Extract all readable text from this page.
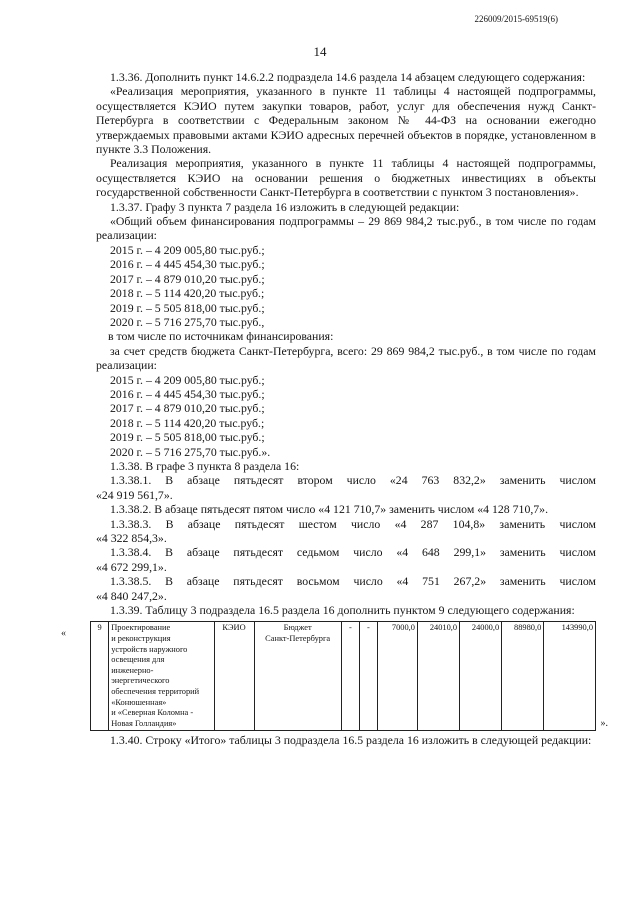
226009/2015-69519(6)
14

1.3.36. Дополнить пункт 14.6.2.2 подраздела 14.6 раздела 14 абзацем следующего содержания:

«Реализация мероприятия, указанного в пункте 11 таблицы 4 настоящей подпрограммы, осуществляется КЭИО путем закупки товаров, работ, услуг для обеспечения нужд Санкт-Петербурга в соответствии с Федеральным законом № 44-ФЗ на основании ежегодно утверждаемых правовыми актами КЭИО адресных перечней объектов в порядке, установленном в пункте 3.3 Положения.

Реализация мероприятия, указанного в пункте 11 таблицы 4 настоящей подпрограммы, осуществляется КЭИО на основании решения о бюджетных инвестициях в объекты государственной собственности Санкт-Петербурга в соответствии с пунктом 3 постановления».

1.3.37. Графу 3 пункта 7 раздела 16 изложить в следующей редакции:

«Общий объем финансирования подпрограммы – 29 869 984,2 тыс.руб., в том числе по годам реализации:

2015 г. – 4 209 005,80 тыс.руб.;

2016 г. – 4 445 454,30 тыс.руб.;

2017 г. – 4 879 010,20 тыс.руб.;

2018 г. – 5 114 420,20 тыс.руб.;

2019 г. – 5 505 818,00 тыс.руб.;

2020 г. – 5 716 275,70 тыс.руб.,

в том числе по источникам финансирования:

за счет средств бюджета Санкт-Петербурга, всего: 29 869 984,2 тыс.руб., в том числе по годам реализации:

2015 г. – 4 209 005,80 тыс.руб.;

2016 г. – 4 445 454,30 тыс.руб.;

2017 г. – 4 879 010,20 тыс.руб.;

2018 г. – 5 114 420,20 тыс.руб.;

2019 г. – 5 505 818,00 тыс.руб.;

2020 г. – 5 716 275,70 тыс.руб.».

1.3.38. В графе 3 пункта 8 раздела 16:

1.3.38.1. В абзаце пятьдесят втором число «24 763 832,2» заменить числом

«24 919 561,7».

1.3.38.2. В абзаце пятьдесят пятом число «4 121 710,7» заменить числом «4 128 710,7».

1.3.38.3. В абзаце пятьдесят шестом число «4 287 104,8» заменить числом

«4 322 854,3».

1.3.38.4. В абзаце пятьдесят седьмом число «4 648 299,1» заменить числом

«4 672 299,1».

1.3.38.5. В абзаце пятьдесят восьмом число «4 751 267,2» заменить числом

«4 840 247,2».

1.3.39. Таблицу 3 подраздела 16.5 раздела 16 дополнить пунктом 9 следующего содержания:

«
9	Проектирование
и реконструкция
устройств наружного
освещения для
инженерно-
энергетического
обеспечения территорий
«Конюшенная»
и «Северная Коломна -
Новая Голландия»
	КЭИО	Бюджет
Санкт-Петербурга
	-	-	7000,0	24010,0	24000,0	88980,0	143990,0
».

1.3.40. Строку «Итого» таблицы 3 подраздела 16.5 раздела 16 изложить в следующей редакции:
